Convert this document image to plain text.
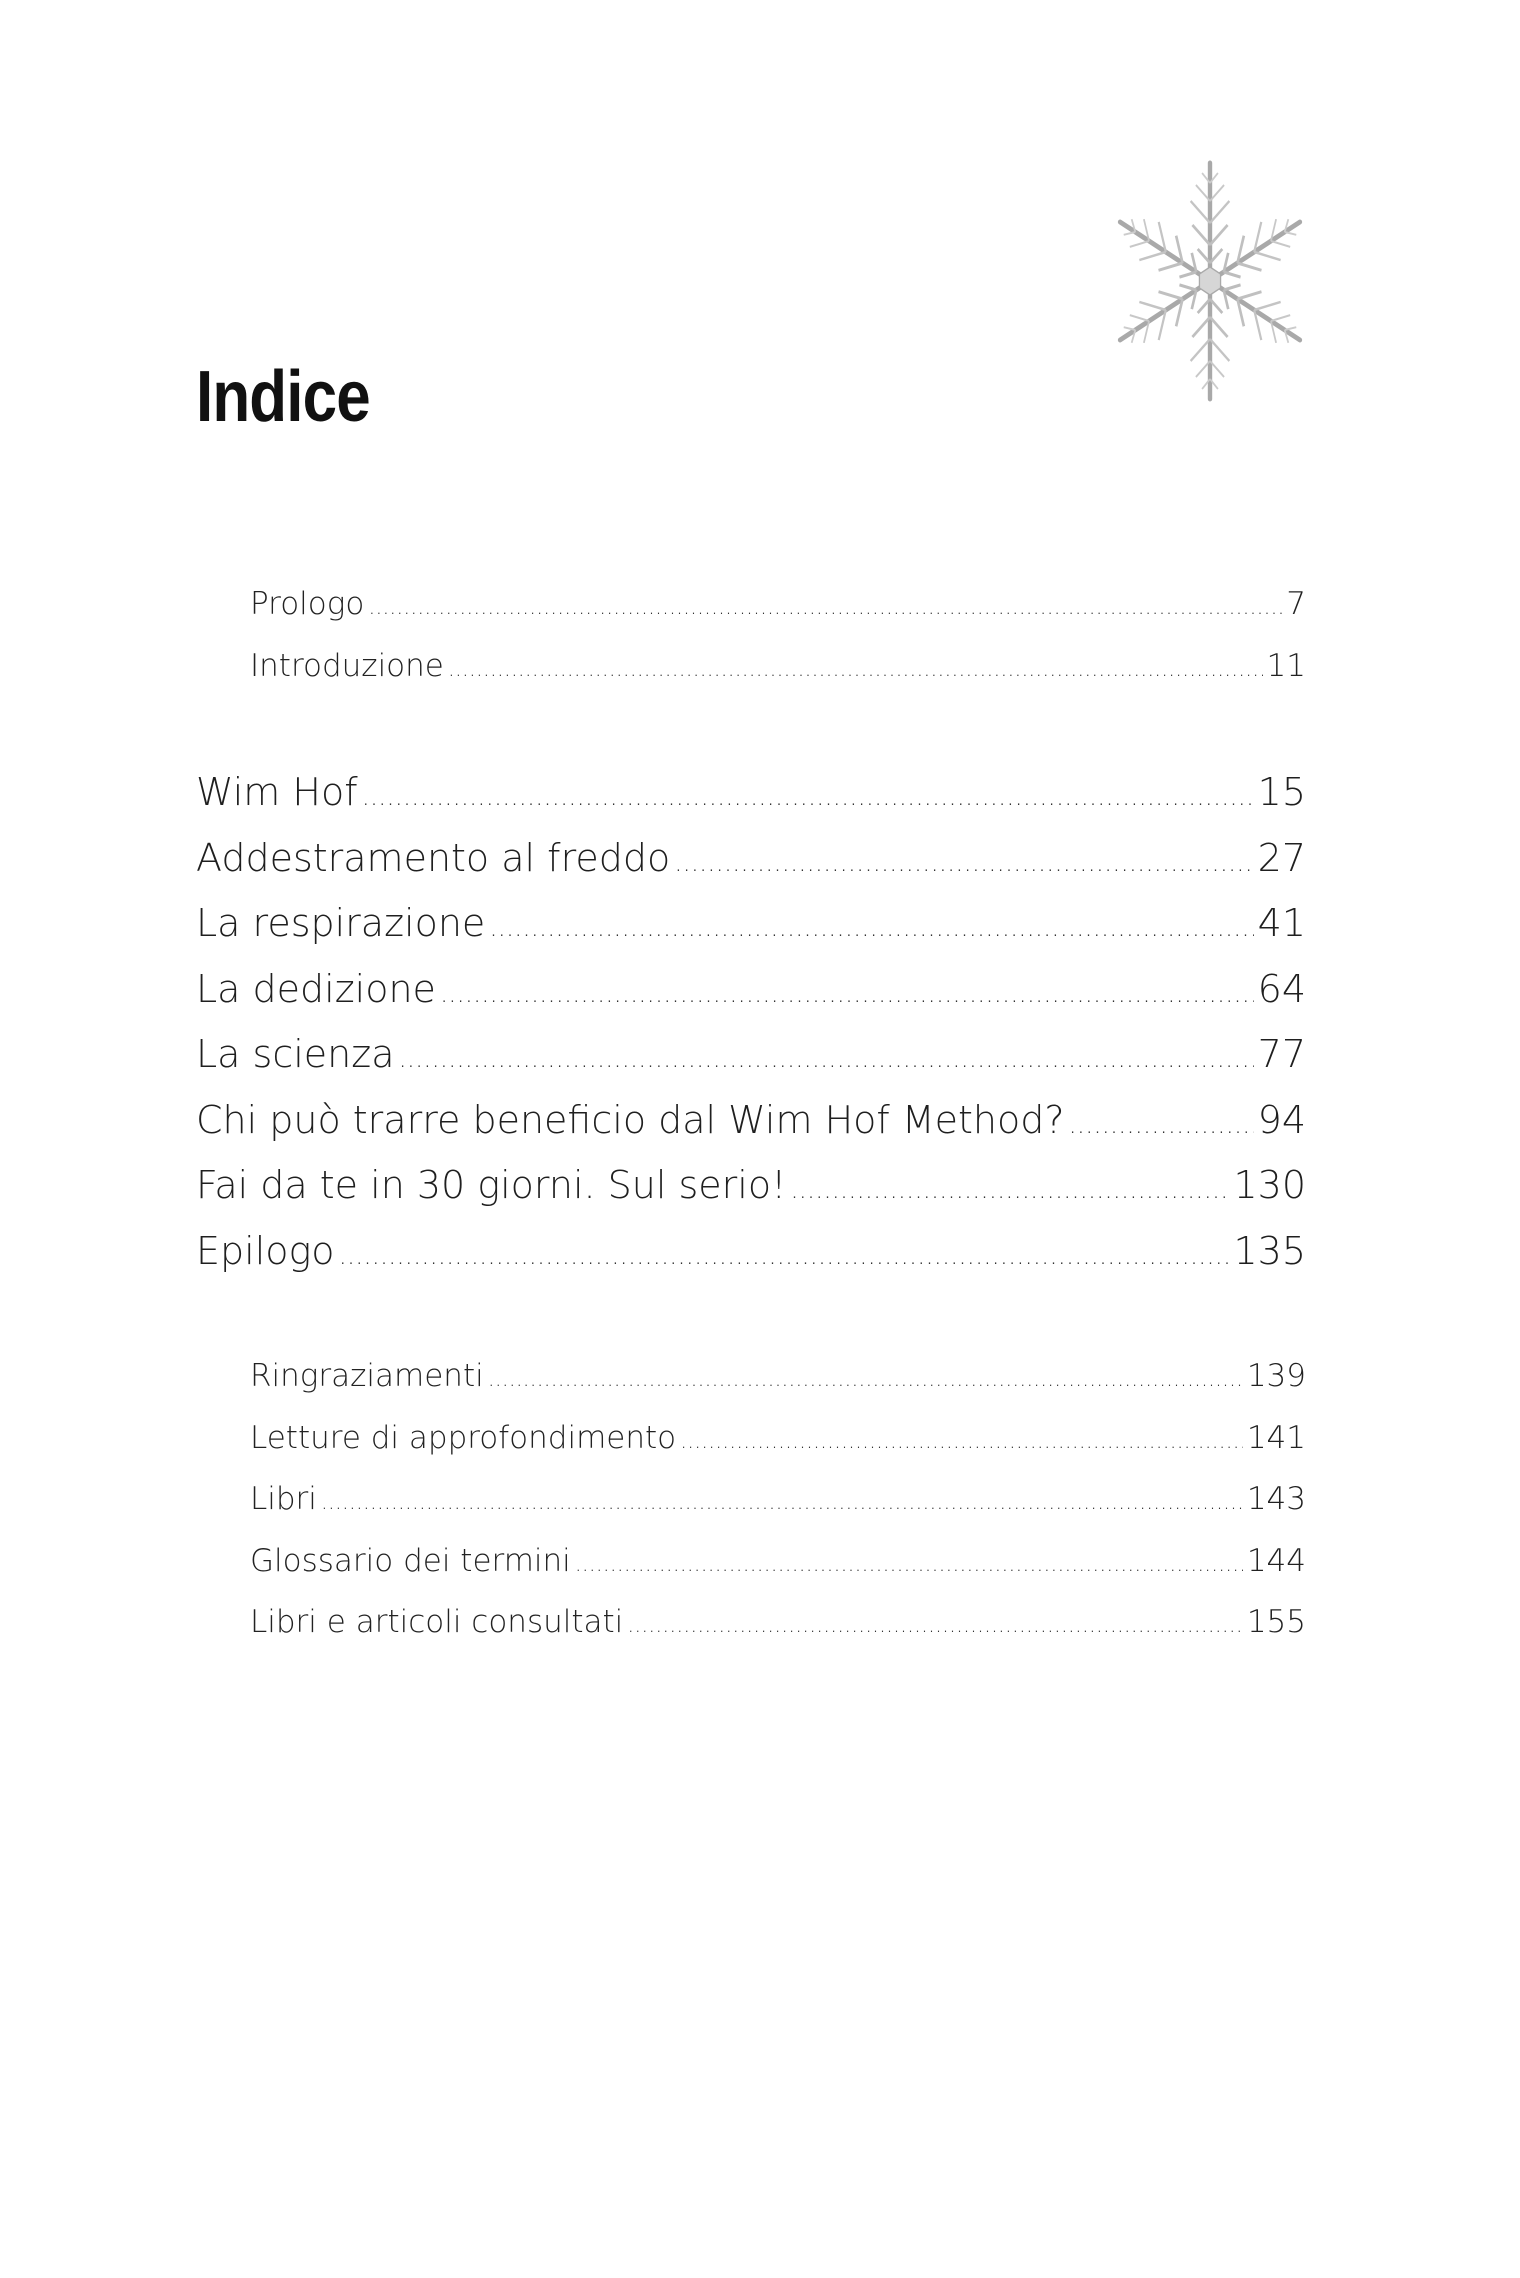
Indice
Prologo .....	7
Introduzione .....	11
Wim Hof .....	15
Addestramento al freddo .....	27
La respirazione .....	41
La dedizione .....	64
La scienza .....	77
Chi può trarre beneficio dal Wim Hof Method? .....	94
Fai da te in 30 giorni. Sul serio! .....	130
Epilogo .....	135
Ringraziamenti .....	139
Letture di approfondimento .....	141
Libri .....	143
Glossario dei termini .....	144
Libri e articoli consultati .....	155
